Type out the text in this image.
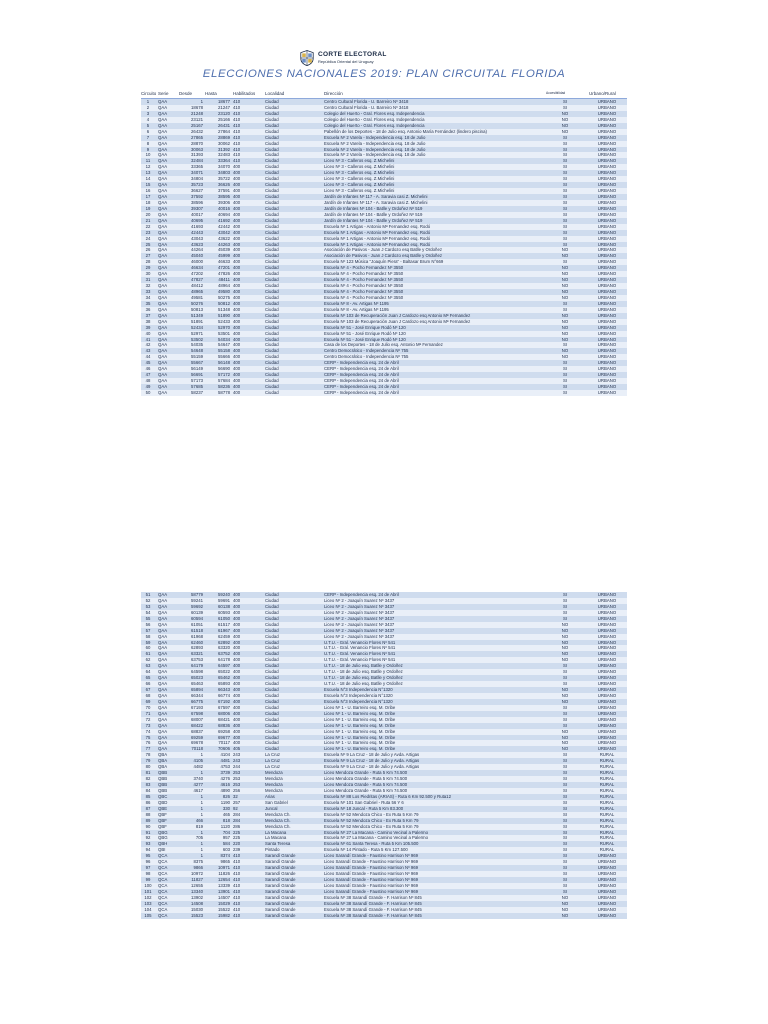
CORTE ELECTORAL
República Oriental del Uruguay
ELECCIONES NACIONALES 2019: PLAN CIRCUITAL FLORIDA
Circuito Serie Desde	Hasta	Habilitados Localidad	Dirección	Accesibilidad	Urbano/Rural
1	QAA	1	18677 410	Ciudad	Centro Cultural Florida - U. Barreiro Nº 3418	SI	URBANO
2	QAA	18678	21247 410	Ciudad	Centro Cultural Florida - U. Barreiro Nº 3418	SI	URBANO
3	QAA	21248	23120 410	Ciudad	Colegio del Huerto - Gral. Flores esq. Independencia	NO	URBANO
4	QAA	23121	25166 410	Ciudad	Colegio del Huerto - Gral. Flores esq. Independencia	NO	URBANO
5	QAA	25167	26431 410	Ciudad	Colegio del Huerto - Gral. Flores esq. Independencia	NO	URBANO
6	QAA	26432	27864 410	Ciudad	Pabellón de los Deportes - 18 de Julio esq. Antonio María Fernández (lindero piscina)	NO	URBANO
7	QAA	27865	28869 410	Ciudad	Escuela Nº 2 Varela - Independencia esq. 18 de Julio	SI	URBANO
8	QAA	28870	30062 410	Ciudad	Escuela Nº 2 Varela - Independencia esq. 18 de Julio	SI	URBANO
9	QAA	30063	31392 410	Ciudad	Escuela Nº 2 Varela - Independencia esq. 18 de Julio	SI	URBANO
10	QAA	31393	32483 410	Ciudad	Escuela Nº 2 Varela - Independencia esq. 18 de Julio	SI	URBANO
11	QAA	32484	33364 410	Ciudad	Liceo Nº 3 - Calleros esq. Z.Michelini	SI	URBANO
12	QAA	33365	34070 400	Ciudad	Liceo Nº 3 - Calleros esq. Z.Michelini	SI	URBANO
13	QAA	34071	34803 400	Ciudad	Liceo Nº 3 - Calleros esq. Z.Michelini	SI	URBANO
14	QAA	34804	35722 400	Ciudad	Liceo Nº 3 - Calleros esq. Z.Michelini	SI	URBANO
15	QAA	35723	36626 400	Ciudad	Liceo Nº 3 - Calleros esq. Z.Michelini	SI	URBANO
16	QAA	36627	37591 400	Ciudad	Liceo Nº 3 - Calleros esq. Z.Michelini	SI	URBANO
17	QAA	37592	38595 400	Ciudad	Jardín de Infantes Nº 117 - A. Saravia casi Z. Michelini	SI	URBANO
18	QAA	38596	39306 400	Ciudad	Jardín de Infantes Nº 117 - A. Saravia casi Z. Michelini	SI	URBANO
19	QAA	39307	40016 400	Ciudad	Jardín de Infantes Nº 104 - Batlle y Ordoñez Nº 519	SI	URBANO
20	QAA	40017	40694 400	Ciudad	Jardín de Infantes Nº 104 - Batlle y Ordoñez Nº 519	SI	URBANO
21	QAA	40695	41692 400	Ciudad	Jardín de Infantes Nº 104 - Batlle y Ordoñez Nº 519	SI	URBANO
22	QAA	41693	42442 400	Ciudad	Escuela Nº 1 Artigas - Antonio Mª Fernandez esq. Rodó	SI	URBANO
23	QAA	42443	43042 400	Ciudad	Escuela Nº 1 Artigas - Antonio Mª Fernandez esq. Rodó	SI	URBANO
24	QAA	43043	43622 400	Ciudad	Escuela Nº 1 Artigas - Antonio Mª Fernandez esq. Rodó	SI	URBANO
25	QAA	43623	44263 400	Ciudad	Escuela Nº 1 Artigas - Antonio Mª Fernandez esq. Rodó	SI	URBANO
26	QAA	44264	45039 400	Ciudad	Asociación de Pasivos - Juan J Cardozo esq Batlle y Ordoñez	NO	URBANO
27	QAA	45040	45999 400	Ciudad	Asociación de Pasivos - Juan J Cardozo esq Batlle y Ordoñez	NO	URBANO
28	QAA	46000	46633 400	Ciudad	Escuela Nº 123 Música "Joaquín Piera" - Baltasar Brum N°669	SI	URBANO
29	QAA	46634	47201 400	Ciudad	Escuela Nº 4 - Pocho Fernandez Nº 3550	NO	URBANO
30	QAA	47202	47826 400	Ciudad	Escuela Nº 4 - Pocho Fernandez Nº 3550	NO	URBANO
31	QAA	47827	48411 400	Ciudad	Escuela Nº 4 - Pocho Fernandez Nº 3550	NO	URBANO
32	QAA	48412	48964 400	Ciudad	Escuela Nº 4 - Pocho Fernandez Nº 3550	NO	URBANO
33	QAA	48965	49580 400	Ciudad	Escuela Nº 4 - Pocho Fernandez Nº 3550	NO	URBANO
34	QAA	49581	50275 400	Ciudad	Escuela Nº 4 - Pocho Fernandez Nº 3550	NO	URBANO
35	QAA	50276	50812 400	Ciudad	Escuela Nº 8 - Av. Artigas Nº 1195	SI	URBANO
36	QAA	50813	51348 400	Ciudad	Escuela Nº 8 - Av. Artigas Nº 1195	SI	URBANO
37	QAA	51349	51890 400	Ciudad	Escuela Nº 103 de Recuperación Juan J Cardozo esq Antonio Mª Fernandez	NO	URBANO
38	QAA	51891	52433 400	Ciudad	Escuela Nº 103 de Recuperación Juan J Cardozo esq Antonio Mª Fernandez	NO	URBANO
39	QAA	52434	52970 400	Ciudad	Escuela Nº 51 - José Enrique Rodó Nº 120	NO	URBANO
40	QAA	52971	53501 400	Ciudad	Escuela Nº 51 - José Enrique Rodó Nº 120	NO	URBANO
41	QAA	53502	54034 400	Ciudad	Escuela Nº 51 - José Enrique Rodó Nº 120	NO	URBANO
42	QAA	54035	54647 400	Ciudad	Casa de los Deportes - 18 de Julio esq. Antonio Mª Fernandez	SI	URBANO
43	QAA	54648	55158 400	Ciudad	Centro Democrático - Independencia Nº 755	NO	URBANO
44	QAA	55159	55666 400	Ciudad	Centro Democrático - Independencia Nº 755	NO	URBANO
45	QAA	55667	56148 400	Ciudad	CERP - Independencia esq. 24 de Abril	SI	URBANO
46	QAA	56149	56690 400	Ciudad	CERP - Independencia esq. 24 de Abril	SI	URBANO
47	QAA	56691	57172 400	Ciudad	CERP - Independencia esq. 24 de Abril	SI	URBANO
48	QAA	57173	57684 400	Ciudad	CERP - Independencia esq. 24 de Abril	SI	URBANO
49	QAA	57685	58236 400	Ciudad	CERP - Independencia esq. 24 de Abril	SI	URBANO
50	QAA	58237	58778 400	Ciudad	CERP - Independencia esq. 24 de Abril	SI	URBANO
51	QAA	58779	59240 400	Ciudad	CERP - Independencia esq. 24 de Abril	SI	URBANO
52	QAA	59241	59691 400	Ciudad	Liceo Nº 2 - Joaquín Suarez Nº 3437	SI	URBANO
53	QAA	59692	60138 400	Ciudad	Liceo Nº 2 - Joaquín Suarez Nº 3437	SI	URBANO
54	QAA	60139	60593 400	Ciudad	Liceo Nº 2 - Joaquín Suarez Nº 3437	SI	URBANO
55	QAA	60594	61050 400	Ciudad	Liceo Nº 2 - Joaquín Suarez Nº 3437	SI	URBANO
56	QAA	61051	61517 400	Ciudad	Liceo Nº 2 - Joaquín Suarez Nº 3437	NO	URBANO
57	QAA	61518	61967 400	Ciudad	Liceo Nº 2 - Joaquín Suarez Nº 3437	NO	URBANO
58	QAA	61968	62459 400	Ciudad	Liceo Nº 2 - Joaquín Suarez Nº 3437	NO	URBANO
59	QAA	62460	62892 400	Ciudad	U.T.U. - Gral. Venancio Flores Nº 541	NO	URBANO
60	QAA	62893	63320 400	Ciudad	U.T.U. - Gral. Venancio Flores Nº 541	NO	URBANO
61	QAA	63321	63752 400	Ciudad	U.T.U. - Gral. Venancio Flores Nº 541	NO	URBANO
62	QAA	63753	64178 400	Ciudad	U.T.U. - Gral. Venancio Flores Nº 541	NO	URBANO
63	QAA	64179	64597 400	Ciudad	U.T.U. - 18 de Julio esq. Batlle y Ordoñez	SI	URBANO
64	QAA	64598	65022 400	Ciudad	U.T.U. - 18 de Julio esq. Batlle y Ordoñez	SI	URBANO
65	QAA	65023	65462 400	Ciudad	U.T.U. - 18 de Julio esq. Batlle y Ordoñez	SI	URBANO
66	QAA	65463	65893 400	Ciudad	U.T.U. - 18 de Julio esq. Batlle y Ordoñez	SI	URBANO
67	QAA	65894	66343 400	Ciudad	Escuela N°3 Independencia N°1320	NO	URBANO
68	QAA	66344	66774 400	Ciudad	Escuela N°3 Independencia N°1320	NO	URBANO
69	QAA	66775	67192 400	Ciudad	Escuela N°3 Independencia N°1320	NO	URBANO
70	QAA	67193	67597 400	Ciudad	Liceo Nº 1 - U. Barreiro esq. M. Oribe	SI	URBANO
71	QAA	67598	68006 400	Ciudad	Liceo Nº 1 - U. Barreiro esq. M. Oribe	SI	URBANO
72	QAA	68007	68421 400	Ciudad	Liceo Nº 1 - U. Barreiro esq. M. Oribe	SI	URBANO
73	QAA	68422	68836 400	Ciudad	Liceo Nº 1 - U. Barreiro esq. M. Oribe	SI	URBANO
74	QAA	68837	69258 400	Ciudad	Liceo Nº 1 - U. Barreiro esq. M. Oribe	NO	URBANO
75	QAA	69259	69677 400	Ciudad	Liceo Nº 1 - U. Barreiro esq. M. Oribe	NO	URBANO
76	QAA	69678	70117 400	Ciudad	Liceo Nº 1 - U. Barreiro esq. M. Oribe	NO	URBANO
77	QAA	70118	70606 405	Ciudad	Liceo Nº 1 - U. Barreiro esq. M. Oribe	NO	URBANO
78	QBA	1	4104 243	La Cruz	Escuela Nº 9 La Cruz - 18 de Julio y Avda. Artigas	SI	RURAL
79	QBA	4105	4481 243	La Cruz	Escuela Nº 9 La Cruz - 18 de Julio y Avda. Artigas	SI	RURAL
80	QBA	4482	4753 244	La Cruz	Escuela Nº 9 La Cruz - 18 de Julio y Avda. Artigas	SI	RURAL
81	QBB	1	3739 253	Mendoza	Liceo Mendoza Grande - Ruta 5 Km 74.500	SI	RURAL
82	QBB	3740	4276 253	Mendoza	Liceo Mendoza Grande - Ruta 5 Km 74.500	SI	RURAL
83	QBB	4277	4616 253	Mendoza	Liceo Mendoza Grande - Ruta 5 Km 74.500	SI	RURAL
84	QBB	4617	4890 256	Mendoza	Liceo Mendoza Grande - Ruta 5 Km 74.500	SI	RURAL
85	QBC	1	826 32	Arias	Escuela Nº 88 Los Piedritas (ARIAS) - Ruta 6 Km 92.500 y Ruta12	SI	RURAL
86	QBD	1	1190 257	San Gabriel	Escuela Nº 101 San Gabriel - Ruta 56 Y 6	SI	RURAL
87	QBE	1	330 92	Juncal	Escuela Nº 18 Juncal - Ruta 5 Km 83.300	SI	RURAL
88	QBF	1	465 284	Mendoza Ch.	Escuela Nº 52 Mendoza Chico - Ex Ruta 5 Km 79	SI	RURAL
89	QBF	466	818 284	Mendoza Ch.	Escuela Nº 52 Mendoza Chico - Ex Ruta 5 Km 79	SI	RURAL
90	QBF	819	1120 286	Mendoza Ch.	Escuela Nº 52 Mendoza Chico - Ex Ruta 5 Km 79	SI	RURAL
91	QBG	1	704 225	La Macana	Escuela Nº 27 La Macana - Camino Vecinal a Palermo	SI	RURAL
92	QBG	705	957 225	La Macana	Escuela Nº 27 La Macana - Camino Vecinal a Palermo	SI	RURAL
93	QBH	1	584 220	Santa Teresa	Escuela Nº 61 Santa Teresa - Ruta 5 Km 105.500	SI	RURAL
94	QBI	1	603 239	Pintado	Escuela Nº 14 Pintado - Ruta 5 Km 127.500	SI	RURAL
95	QCA	1	8374 410	Sarandí Grande	Liceo Sarandí Grande - Faustino Harrison Nº 969	SI	URBANO
96	QCA	8375	9865 410	Sarandí Grande	Liceo Sarandí Grande - Faustino Harrison Nº 969	SI	URBANO
97	QCA	9866	10971 410	Sarandí Grande	Liceo Sarandí Grande - Faustino Harrison Nº 969	SI	URBANO
98	QCA	10972	11826 410	Sarandí Grande	Liceo Sarandí Grande - Faustino Harrison Nº 969	SI	URBANO
99	QCA	11827	12654 410	Sarandí Grande	Liceo Sarandí Grande - Faustino Harrison Nº 969	SI	URBANO
100	QCA	12655	13339 410	Sarandí Grande	Liceo Sarandí Grande - Faustino Harrison Nº 969	SI	URBANO
101	QCA	13340	13901 410	Sarandí Grande	Liceo Sarandí Grande - Faustino Harrison Nº 969	SI	URBANO
102	QCA	13902	14507 410	Sarandí Grande	Escuela Nº 38 Sarandí Grande - F. Harrison Nº 845	NO	URBANO
103	QCA	14508	15029 410	Sarandí Grande	Escuela Nº 38 Sarandí Grande - F. Harrison Nº 845	NO	URBANO
104	QCA	15030	15522 410	Sarandí Grande	Escuela Nº 38 Sarandí Grande - F. Harrison Nº 845	NO	URBANO
105	QCA	15523	15982 410	Sarandí Grande	Escuela Nº 38 Sarandí Grande - F. Harrison Nº 845	NO	URBANO
